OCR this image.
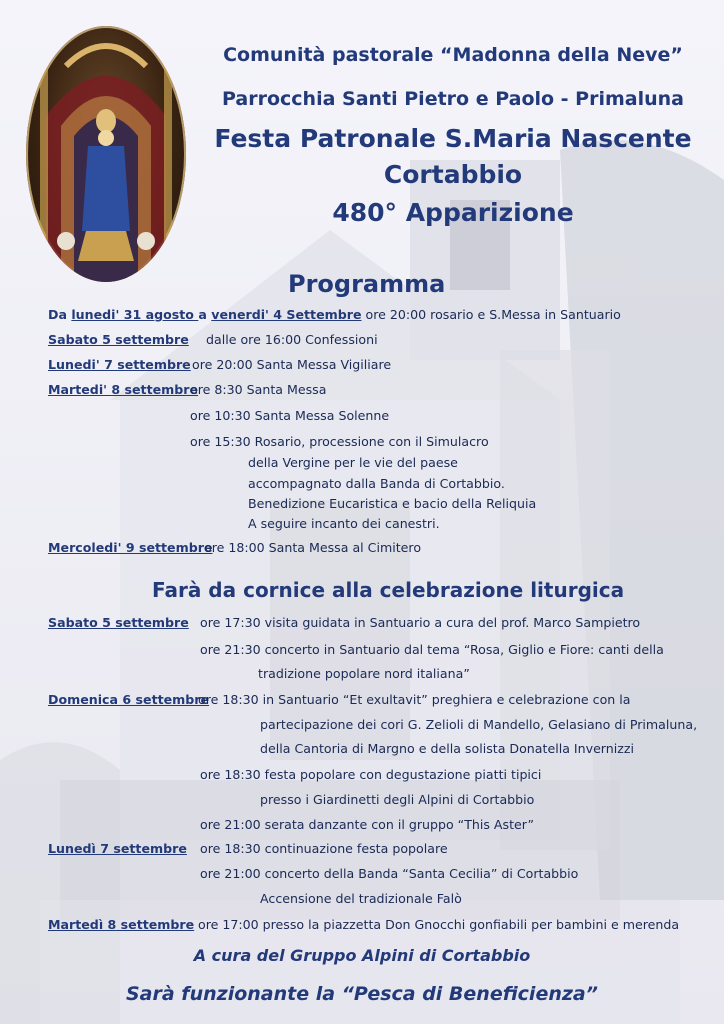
Comunità pastorale “Madonna della Neve”
Parrocchia Santi Pietro e Paolo - Primaluna
Festa Patronale S.Maria Nascente
Cortabbio
480° Apparizione
Programma
Da lunedi' 31 agosto a venerdi' 4 Settembre ore 20:00 rosario e S.Messa in Santuario
Sabato 5 settembre dalle ore 16:00 Confessioni
Lunedi' 7 settembre ore 20:00 Santa Messa Vigiliare
Martedi' 8 settembre
ore 8:30 Santa Messa
ore 10:30 Santa Messa Solenne
ore 15:30 Rosario, processione con il Simulacro
della Vergine per le vie del paese
accompagnato dalla Banda di Cortabbio.
Benedizione Eucaristica e bacio della Reliquia
A seguire incanto dei canestri.
Mercoledi' 9 settembre
ore 18:00 Santa Messa al Cimitero
Farà da cornice alla celebrazione liturgica
Sabato 5 settembre ore 17:30 visita guidata in Santuario a cura del prof. Marco Sampietro
ore 21:30 concerto in Santuario dal tema “Rosa, Giglio e Fiore: canti della
tradizione popolare nord italiana”
Domenica 6 settembre
ore 18:30 in Santuario “Et exultavit” preghiera e celebrazione con la
partecipazione dei cori G. Zelioli di Mandello, Gelasiano di Primaluna,
della Cantoria di Margno e della solista Donatella Invernizzi
ore 18:30 festa popolare con degustazione piatti tipici
presso i Giardinetti degli Alpini di Cortabbio
ore 21:00 serata danzante con il gruppo “This Aster”
Lunedì 7 settembre ore 18:30 continuazione festa popolare
ore 21:00 concerto della Banda “Santa Cecilia” di Cortabbio
Accensione del tradizionale Falò
Martedì 8 settembre ore 17:00 presso la piazzetta Don Gnocchi gonfiabili per bambini e merenda
A cura del Gruppo Alpini di Cortabbio
Sarà funzionante la “Pesca di Beneficienza”
